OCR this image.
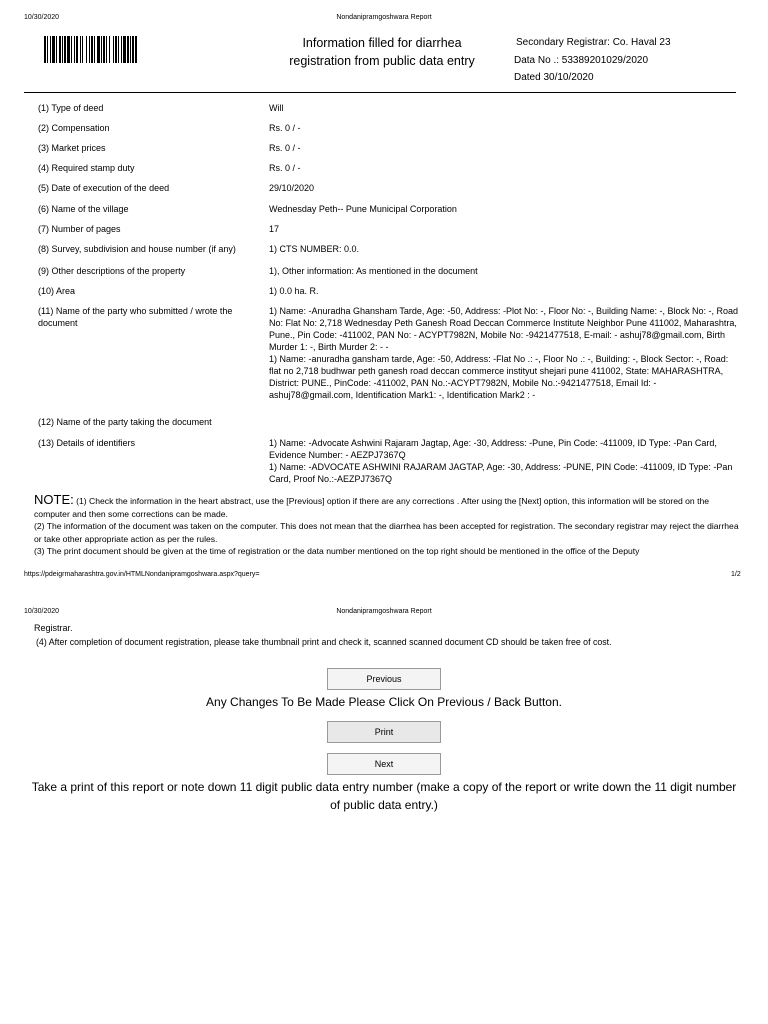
10/30/2020	Nondanipramgoshwara Report
Information filled for diarrhea registration from public data entry
Secondary Registrar: Co. Haval 23
Data No .: 53389201029/2020
Dated 30/10/2020
(1) Type of deed	Will
(2) Compensation	Rs. 0 / -
(3) Market prices	Rs. 0 / -
(4) Required stamp duty	Rs. 0 / -
(5) Date of execution of the deed	29/10/2020
(6) Name of the village	Wednesday Peth-- Pune Municipal Corporation
(7) Number of pages	17
(8) Survey, subdivision and house number (if any)	1) CTS NUMBER: 0.0.
(9) Other descriptions of the property	1), Other information: As mentioned in the document
(10) Area	1) 0.0 ha. R.
(11) Name of the party who submitted / wrote the document
1) Name: -Anuradha Ghansham Tarde, Age: -50, Address: -Plot No: -, Floor No: -, Building Name: -, Block No: -, Road No: Flat No: 2,718 Wednesday Peth Ganesh Road Deccan Commerce Institute Neighbor Pune 411002, Maharashtra, Pune., Pin Code: -411002, PAN No: - ACYPT7982N, Mobile No: -9421477518, E-mail: - ashuj78@gmail.com, Birth Murder 1: -, Birth Murder 2: - -
1) Name: -anuradha gansham tarde, Age: -50, Address: -Flat No .: -, Floor No .: -, Building: -, Block Sector: -, Road: flat no 2,718 budhwar peth ganesh road deccan commerce instityut shejari pune 411002, State: MAHARASHTRA, District: PUNE., PinCode: -411002, PAN No.:-ACYPT7982N, Mobile No.:-9421477518, Email Id: -ashuj78@gmail.com, Identification Mark1: -, Identification Mark2 : -
(12) Name of the party taking the document
(13) Details of identifiers	1) Name: -Advocate Ashwini Rajaram Jagtap, Age: -30, Address: -Pune, Pin Code: -411009, ID Type: -Pan Card, Evidence Number: - AEZPJ7367Q
1) Name: -ADVOCATE ASHWINI RAJARAM JAGTAP, Age: -30, Address: -PUNE, PIN Code: -411009, ID Type: -Pan Card, Proof No.:-AEZPJ7367Q
NOTE: (1) Check the information in the heart abstract, use the [Previous] option if there are any corrections . After using the [Next] option, this information will be stored on the computer and then some corrections can be made.
(2) The information of the document was taken on the computer. This does not mean that the diarrhea has been accepted for registration. The secondary registrar may reject the diarrhea or take other appropriate action as per the rules.
(3) The print document should be given at the time of registration or the data number mentioned on the top right should be mentioned in the office of the Deputy
https://pdeigrmaharashtra.gov.in/HTMLNondanipramgoshwara.aspx?query=	1/2
10/30/2020	Nondanipramgoshwara Report
Registrar.
(4) After completion of document registration, please take thumbnail print and check it, scanned scanned document CD should be taken free of cost.
Previous
Any Changes To Be Made Please Click On Previous / Back Button.
Print
Next
Take a print of this report or note down 11 digit public data entry number (make a copy of the report or write down the 11 digit number of public data entry.)
